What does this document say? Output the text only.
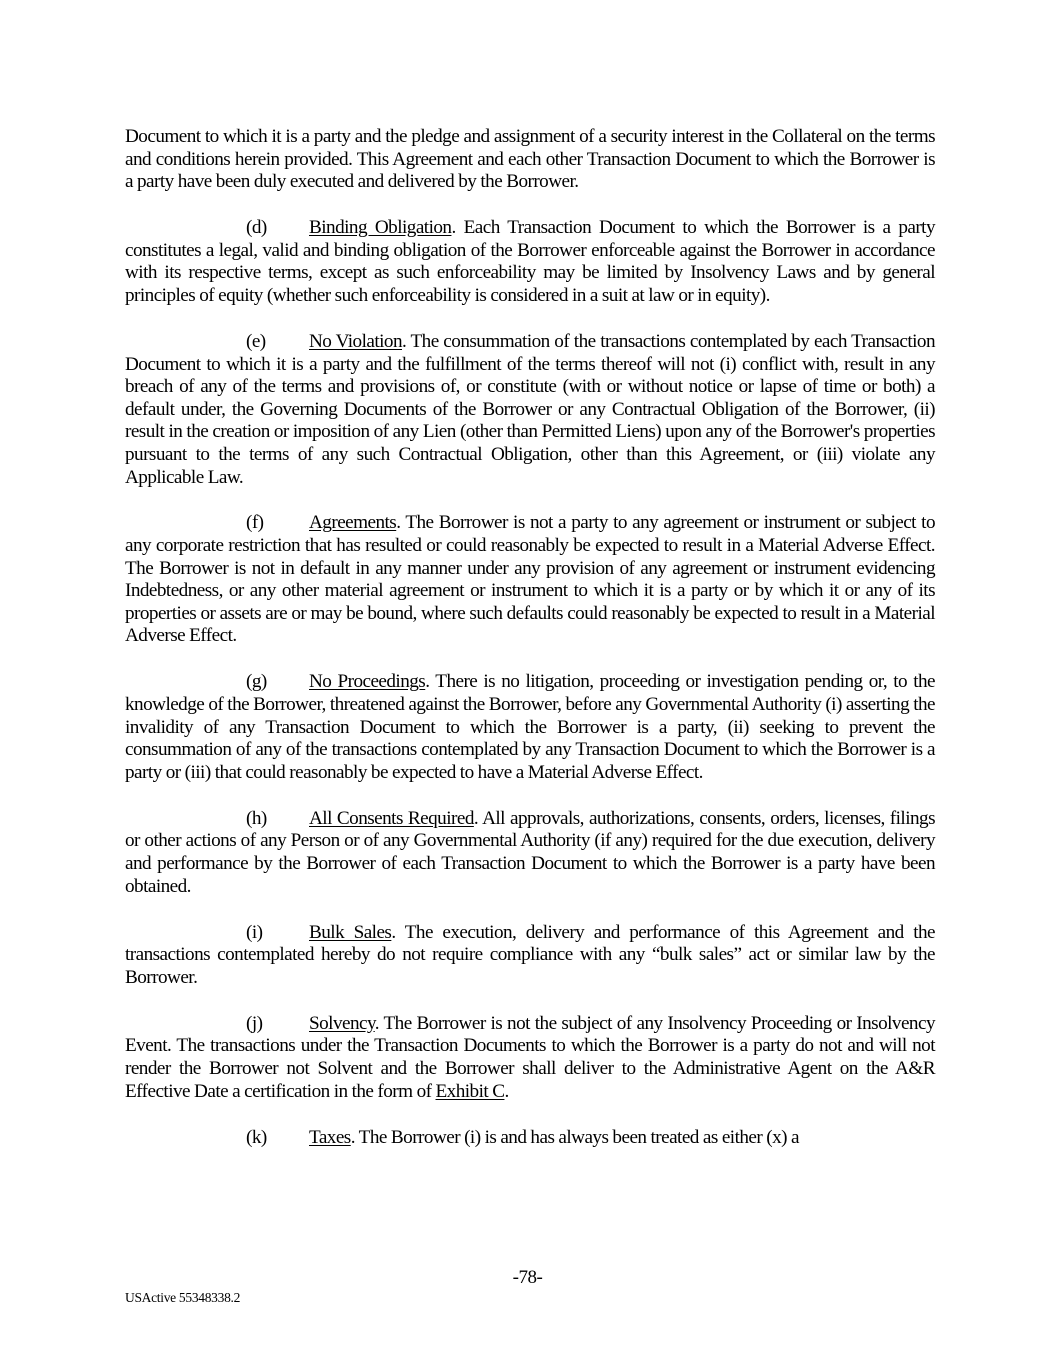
Document to which it is a party and the pledge and assignment of a security interest in the Collateral on the terms and conditions herein provided. This Agreement and each other Transaction Document to which the Borrower is a party have been duly executed and delivered by the Borrower.

(d) Binding Obligation. Each Transaction Document to which the Borrower is a party constitutes a legal, valid and binding obligation of the Borrower enforceable against the Borrower in accordance with its respective terms, except as such enforceability may be limited by Insolvency Laws and by general principles of equity (whether such enforceability is considered in a suit at law or in equity).

(e) No Violation. The consummation of the transactions contemplated by each Transaction Document to which it is a party and the fulfillment of the terms thereof will not (i) conflict with, result in any breach of any of the terms and provisions of, or constitute (with or without notice or lapse of time or both) a default under, the Governing Documents of the Borrower or any Contractual Obligation of the Borrower, (ii) result in the creation or imposition of any Lien (other than Permitted Liens) upon any of the Borrower's properties pursuant to the terms of any such Contractual Obligation, other than this Agreement, or (iii) violate any Applicable Law.

(f) Agreements. The Borrower is not a party to any agreement or instrument or subject to any corporate restriction that has resulted or could reasonably be expected to result in a Material Adverse Effect. The Borrower is not in default in any manner under any provision of any agreement or instrument evidencing Indebtedness, or any other material agreement or instrument to which it is a party or by which it or any of its properties or assets are or may be bound, where such defaults could reasonably be expected to result in a Material Adverse Effect.

(g) No Proceedings. There is no litigation, proceeding or investigation pending or, to the knowledge of the Borrower, threatened against the Borrower, before any Governmental Authority (i) asserting the invalidity of any Transaction Document to which the Borrower is a party, (ii) seeking to prevent the consummation of any of the transactions contemplated by any Transaction Document to which the Borrower is a party or (iii) that could reasonably be expected to have a Material Adverse Effect.

(h) All Consents Required. All approvals, authorizations, consents, orders, licenses, filings or other actions of any Person or of any Governmental Authority (if any) required for the due execution, delivery and performance by the Borrower of each Transaction Document to which the Borrower is a party have been obtained.

(i) Bulk Sales. The execution, delivery and performance of this Agreement and the transactions contemplated hereby do not require compliance with any “bulk sales” act or similar law by the Borrower.

(j) Solvency. The Borrower is not the subject of any Insolvency Proceeding or Insolvency Event. The transactions under the Transaction Documents to which the Borrower is a party do not and will not render the Borrower not Solvent and the Borrower shall deliver to the Administrative Agent on the A&R Effective Date a certification in the form of Exhibit C.

(k) Taxes. The Borrower (i) is and has always been treated as either (x) a

-78-
USActive 55348338.2
